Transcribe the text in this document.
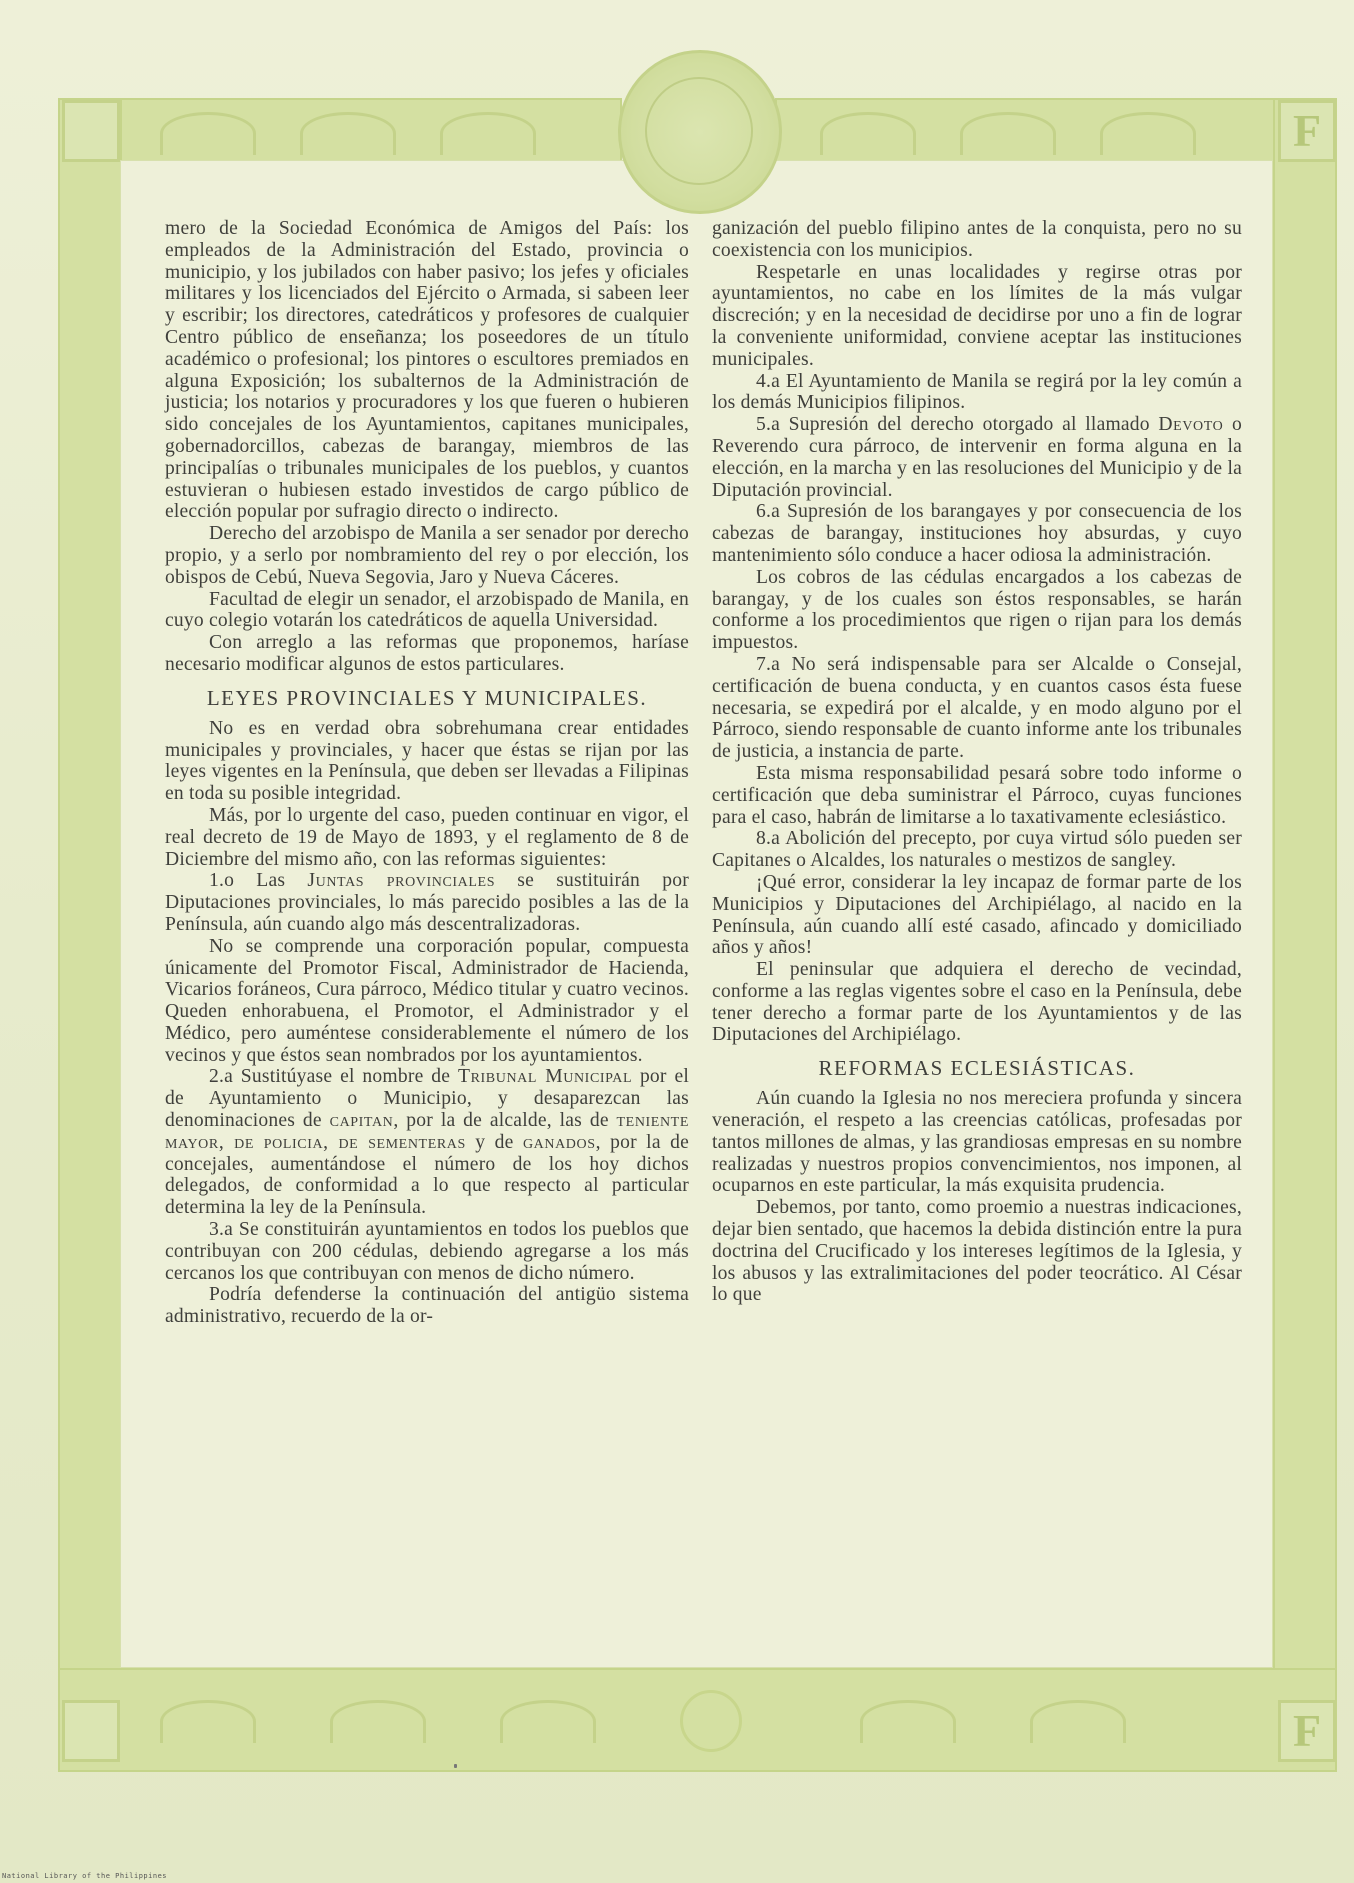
F
F

mero de la Sociedad Económica de Amigos del País: los empleados de la Administración del Estado, provincia o municipio, y los jubilados con haber pasivo; los jefes y oficiales militares y los licenciados del Ejército o Armada, si sabeen leer y escribir; los directores, catedráticos y profesores de cualquier Centro público de enseñanza; los poseedores de un título académico o profesional; los pintores o escultores premiados en alguna Exposición; los subalternos de la Administración de justicia; los notarios y procuradores y los que fueren o hubieren sido concejales de los Ayuntamientos, capitanes municipales, gobernadorcillos, cabezas de barangay, miembros de las principalías o tribunales municipales de los pueblos, y cuantos estuvieran o hubiesen estado investidos de cargo público de elección popular por sufragio directo o indirecto.

Derecho del arzobispo de Manila a ser senador por derecho propio, y a serlo por nombramiento del rey o por elección, los obispos de Cebú, Nueva Segovia, Jaro y Nueva Cáceres.

Facultad de elegir un senador, el arzobispado de Manila, en cuyo colegio votarán los catedráticos de aquella Universidad.

Con arreglo a las reformas que proponemos, haríase necesario modificar algunos de estos particulares.

LEYES PROVINCIALES Y MUNICIPALES.

No es en verdad obra sobrehumana crear entidades municipales y provinciales, y hacer que éstas se rijan por las leyes vigentes en la Península, que deben ser llevadas a Filipinas en toda su posible integridad.

Más, por lo urgente del caso, pueden continuar en vigor, el real decreto de 19 de Mayo de 1893, y el reglamento de 8 de Diciembre del mismo año, con las reformas siguientes:

1.o Las Juntas provinciales se sustituirán por Diputaciones provinciales, lo más parecido posibles a las de la Península, aún cuando algo más descentralizadoras.

No se comprende una corporación popular, compuesta únicamente del Promotor Fiscal, Administrador de Hacienda, Vicarios foráneos, Cura párroco, Médico titular y cuatro vecinos. Queden enhorabuena, el Promotor, el Administrador y el Médico, pero auméntese considerablemente el número de los vecinos y que éstos sean nombrados por los ayuntamientos.

2.a Sustitúyase el nombre de Tribunal Municipal por el de Ayuntamiento o Municipio, y desaparezcan las denominaciones de capitan, por la de alcalde, las de teniente mayor, de policia, de sementeras y de ganados, por la de concejales, aumentándose el número de los hoy dichos delegados, de conformidad a lo que respecto al particular determina la ley de la Península.

3.a Se constituirán ayuntamientos en todos los pueblos que contribuyan con 200 cédulas, debiendo agregarse a los más cercanos los que contribuyan con menos de dicho número.

Podría defenderse la continuación del antigüo sistema administrativo, recuerdo de la or-

ganización del pueblo filipino antes de la conquista, pero no su coexistencia con los municipios.

Respetarle en unas localidades y regirse otras por ayuntamientos, no cabe en los límites de la más vulgar discreción; y en la necesidad de decidirse por uno a fin de lograr la conveniente uniformidad, conviene aceptar las instituciones municipales.

4.a El Ayuntamiento de Manila se regirá por la ley común a los demás Municipios filipinos.

5.a Supresión del derecho otorgado al llamado Devoto o Reverendo cura párroco, de intervenir en forma alguna en la elección, en la marcha y en las resoluciones del Municipio y de la Diputación provincial.

6.a Supresión de los barangayes y por consecuencia de los cabezas de barangay, instituciones hoy absurdas, y cuyo mantenimiento sólo conduce a hacer odiosa la administración.

Los cobros de las cédulas encargados a los cabezas de barangay, y de los cuales son éstos responsables, se harán conforme a los procedimientos que rigen o rijan para los demás impuestos.

7.a No será indispensable para ser Alcalde o Consejal, certificación de buena conducta, y en cuantos casos ésta fuese necesaria, se expedirá por el alcalde, y en modo alguno por el Párroco, siendo responsable de cuanto informe ante los tribunales de justicia, a instancia de parte.

Esta misma responsabilidad pesará sobre todo informe o certificación que deba suministrar el Párroco, cuyas funciones para el caso, habrán de limitarse a lo taxativamente eclesiástico.

8.a Abolición del precepto, por cuya virtud sólo pueden ser Capitanes o Alcaldes, los naturales o mestizos de sangley.

¡Qué error, considerar la ley incapaz de formar parte de los Municipios y Diputaciones del Archipiélago, al nacido en la Península, aún cuando allí esté casado, afincado y domiciliado años y años!

El peninsular que adquiera el derecho de vecindad, conforme a las reglas vigentes sobre el caso en la Península, debe tener derecho a formar parte de los Ayuntamientos y de las Diputaciones del Archipiélago.

REFORMAS ECLESIÁSTICAS.

Aún cuando la Iglesia no nos mereciera profunda y sincera veneración, el respeto a las creencias católicas, profesadas por tantos millones de almas, y las grandiosas empresas en su nombre realizadas y nuestros propios convencimientos, nos imponen, al ocuparnos en este particular, la más exquisita prudencia.

Debemos, por tanto, como proemio a nuestras indicaciones, dejar bien sentado, que hacemos la debida distinción entre la pura doctrina del Crucificado y los intereses legítimos de la Iglesia, y los abusos y las extralimitaciones del poder teocrático. Al César lo que

National Library of the Philippines
